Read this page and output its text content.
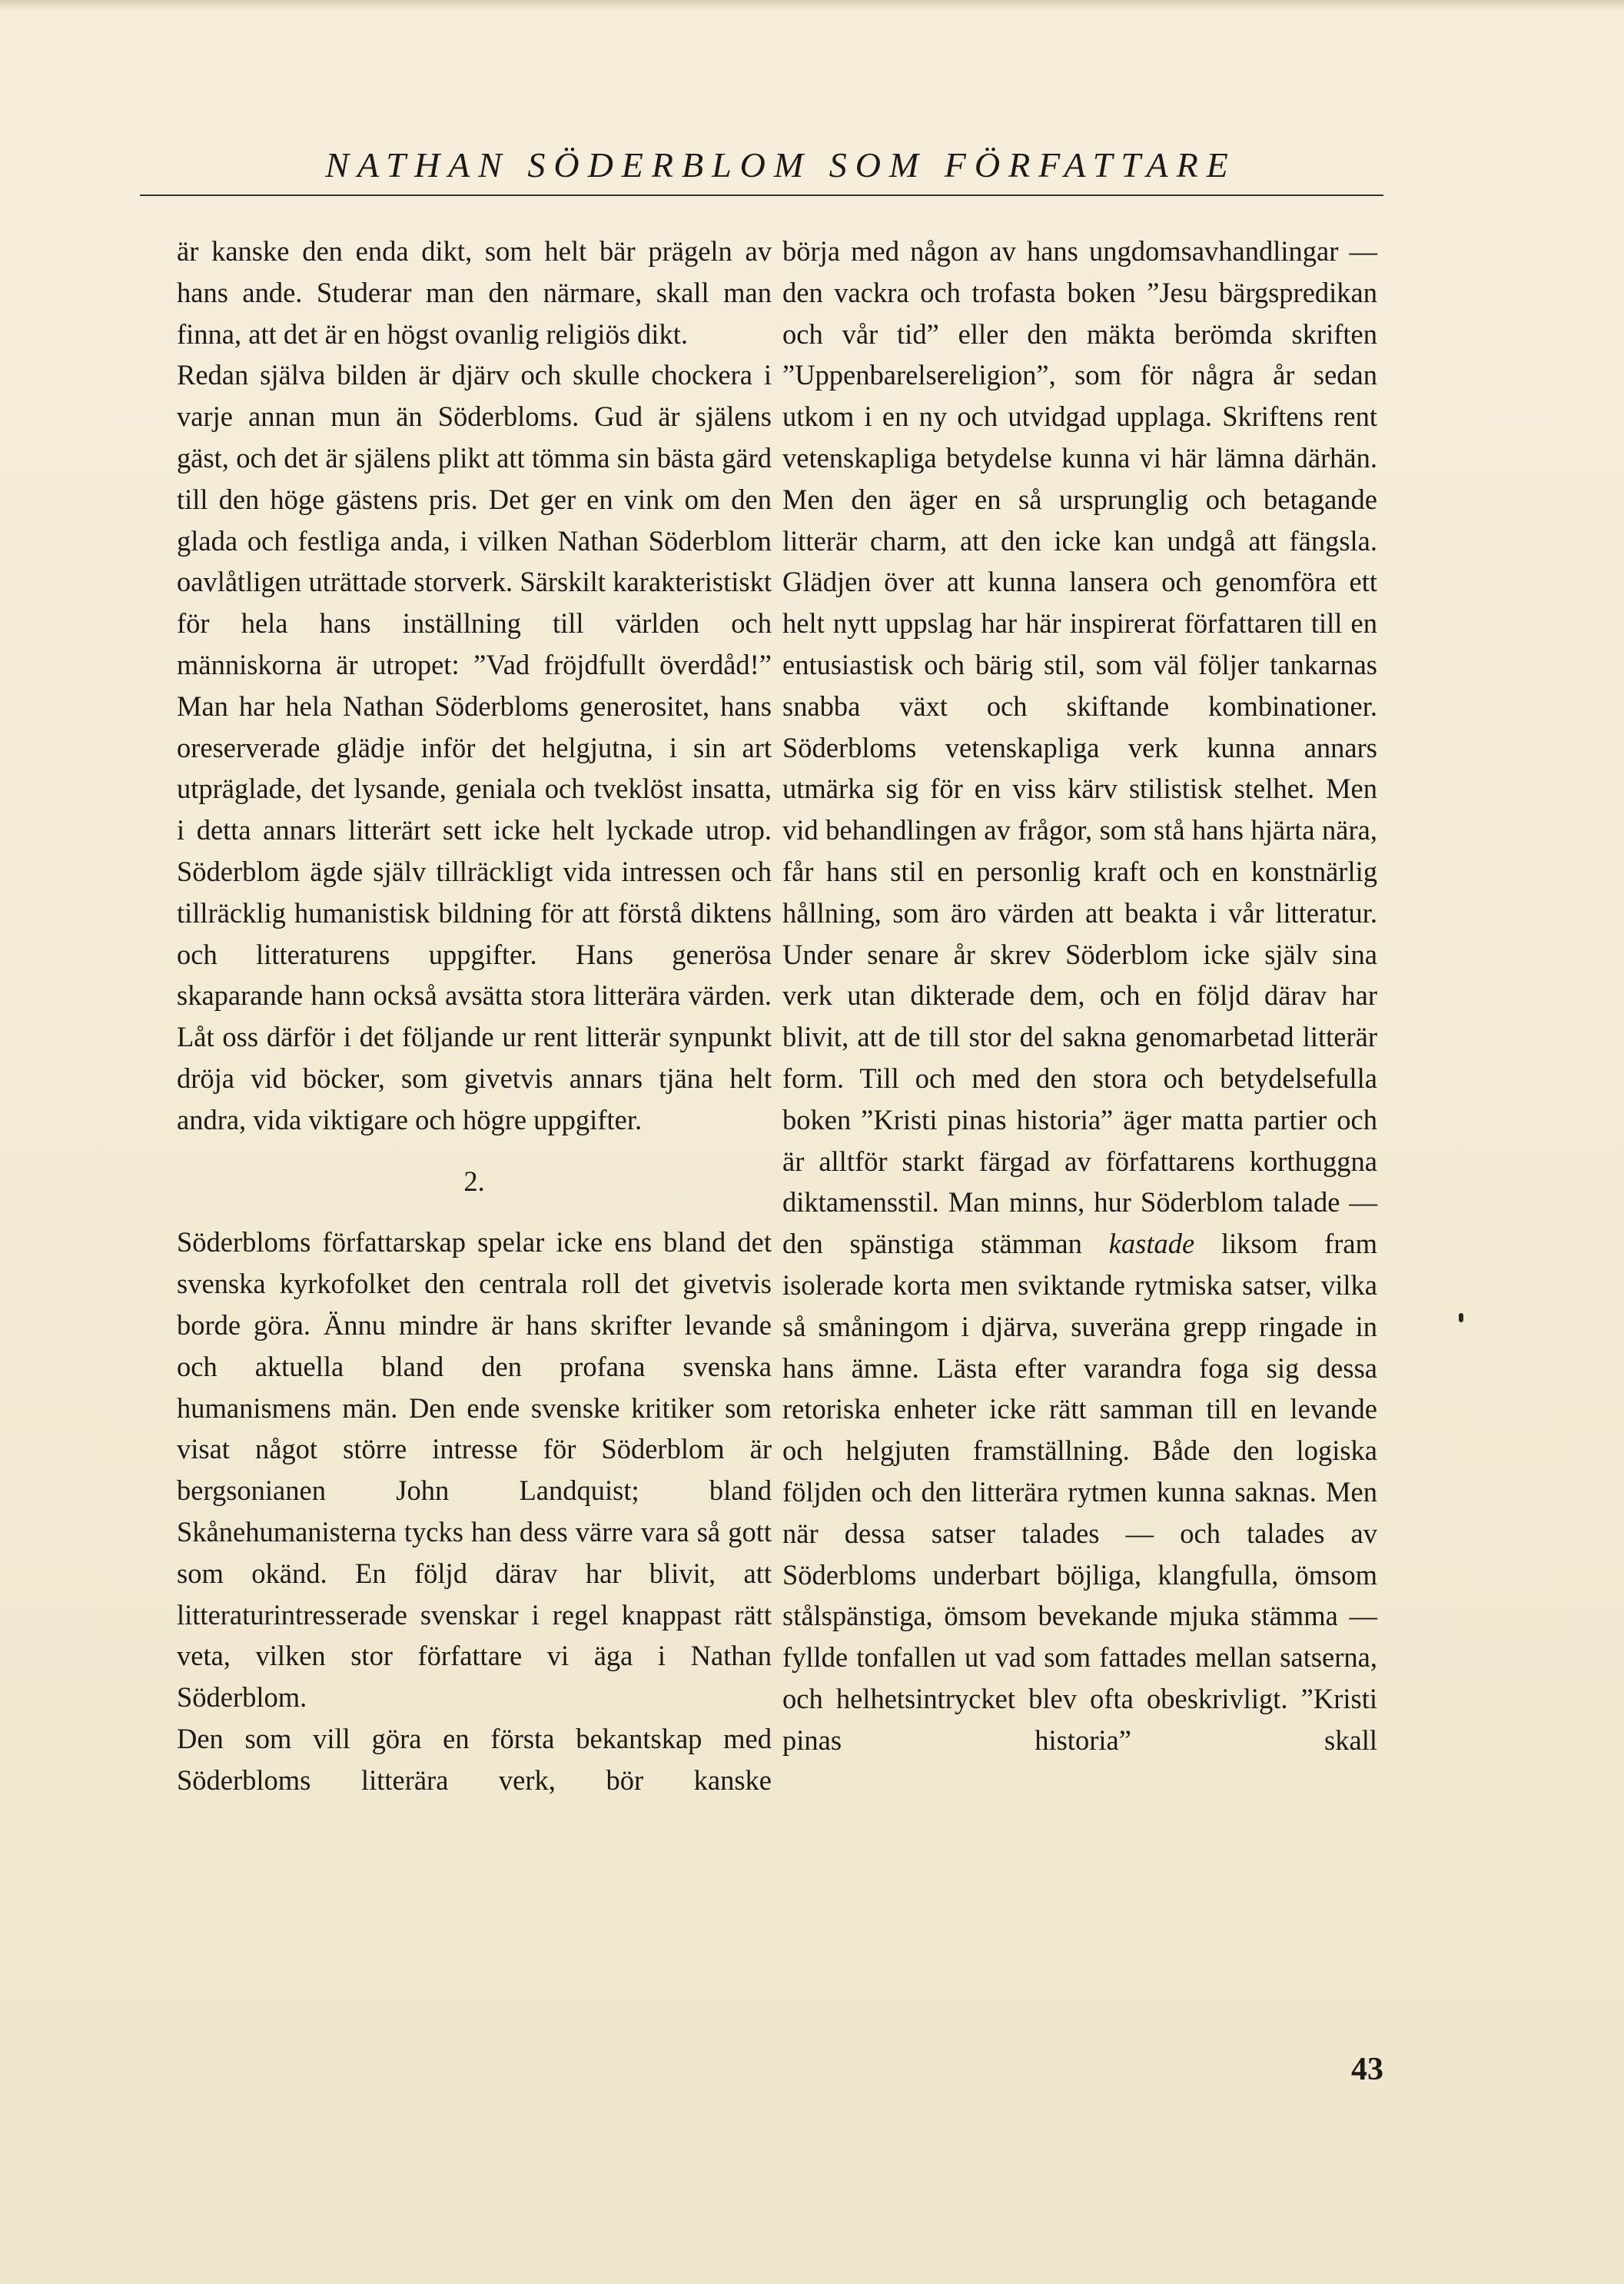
NATHAN SÖDERBLOM SOM FÖRFATTARE

är kanske den enda dikt, som helt bär prägeln av hans ande. Studerar man den närmare, skall man finna, att det är en högst ovanlig religiös dikt.

Redan själva bilden är djärv och skulle chockera i varje annan mun än Söderbloms. Gud är själens gäst, och det är själens plikt att tömma sin bästa gärd till den höge gästens pris. Det ger en vink om den glada och festliga anda, i vilken Nathan Söderblom oavlåtligen uträttade storverk. Särskilt karakteristiskt för hela hans inställning till världen och människorna är utropet: ”Vad fröjdfullt överdåd!” Man har hela Nathan Söderbloms generositet, hans oreserverade glädje inför det helgjutna, i sin art utpräglade, det lysande, geniala och tveklöst insatta, i detta annars litterärt sett icke helt lyckade utrop. Söderblom ägde själv tillräckligt vida intressen och tillräcklig humanistisk bildning för att förstå diktens och litteraturens uppgifter. Hans generösa skaparande hann också avsätta stora litterära värden. Låt oss därför i det följande ur rent litterär synpunkt dröja vid böcker, som givetvis annars tjäna helt andra, vida viktigare och högre uppgifter.

2.

Söderbloms författarskap spelar icke ens bland det svenska kyrkofolket den centrala roll det givetvis borde göra. Ännu mindre är hans skrifter levande och aktuella bland den profana svenska humanismens män. Den ende svenske kritiker som visat något större intresse för Söderblom är bergsonianen John Landquist; bland Skånehumanisterna tycks han dess värre vara så gott som okänd. En följd därav har blivit, att litteraturintresserade svenskar i regel knappast rätt veta, vilken stor författare vi äga i Nathan Söderblom.

Den som vill göra en första bekantskap med Söderbloms litterära verk, bör kanske

börja med någon av hans ungdomsavhandlingar — den vackra och trofasta boken ”Jesu bärgspredikan och vår tid” eller den mäkta berömda skriften ”Uppenbarelsereligion”, som för några år sedan utkom i en ny och utvidgad upplaga. Skriftens rent vetenskapliga betydelse kunna vi här lämna därhän. Men den äger en så ursprunglig och betagande litterär charm, att den icke kan undgå att fängsla. Glädjen över att kunna lansera och genomföra ett helt nytt uppslag har här inspirerat författaren till en entusiastisk och bärig stil, som väl följer tankarnas snabba växt och skiftande kombinationer. Söderbloms vetenskapliga verk kunna annars utmärka sig för en viss kärv stilistisk stelhet. Men vid behandlingen av frågor, som stå hans hjärta nära, får hans stil en personlig kraft och en konstnärlig hållning, som äro värden att beakta i vår litteratur. Under senare år skrev Söderblom icke själv sina verk utan dikterade dem, och en följd därav har blivit, att de till stor del sakna genomarbetad litterär form. Till och med den stora och betydelsefulla boken ”Kristi pinas historia” äger matta partier och är alltför starkt färgad av författarens korthuggna diktamensstil. Man minns, hur Söderblom talade — den spänstiga stämman kastade liksom fram isolerade korta men sviktande rytmiska satser, vilka så småningom i djärva, suveräna grepp ringade in hans ämne. Lästa efter varandra foga sig dessa retoriska enheter icke rätt samman till en levande och helgjuten framställning. Både den logiska följden och den litterära rytmen kunna saknas. Men när dessa satser talades — och talades av Söderbloms underbart böjliga, klangfulla, ömsom stålspänstiga, ömsom bevekande mjuka stämma — fyllde tonfallen ut vad som fattades mellan satserna, och helhetsintrycket blev ofta obeskrivligt. ”Kristi pinas historia” skall

43
